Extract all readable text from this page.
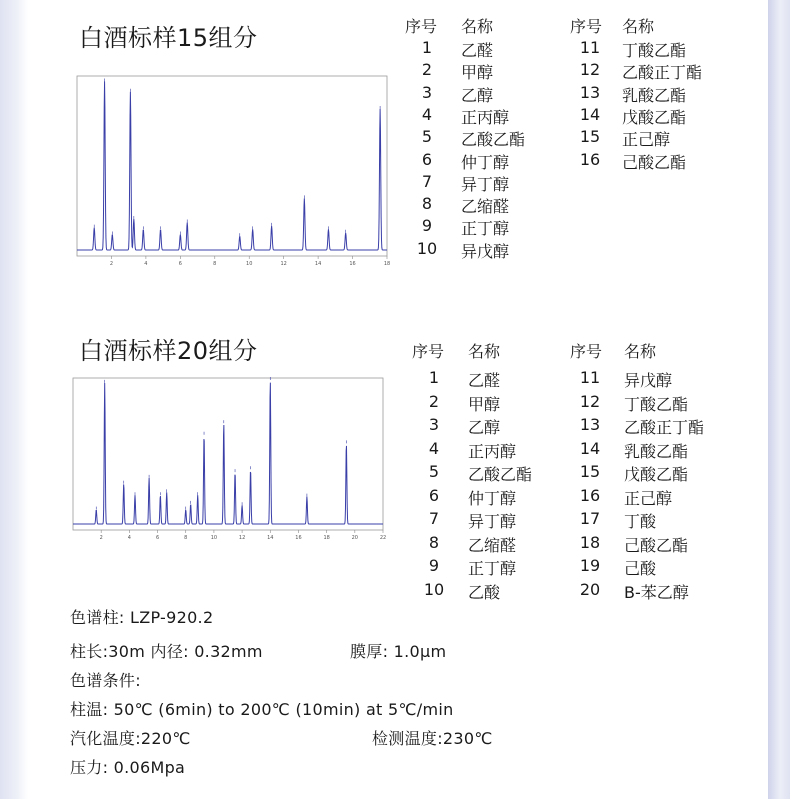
白酒标样15组分
2	4	6	8	10	12	14	16	18
序号 名称
1	乙醛
2	甲醇
3	乙醇
4	正丙醇
5	乙酸乙酯
6	仲丁醇
7	异丁醇
8	乙缩醛
9	正丁醇
10 异戊醇
序号 名称
11 丁酸乙酯
12 乙酸正丁酯
13 乳酸乙酯
14 戊酸乙酯
15 正己醇
16 己酸乙酯
白酒标样20组分
2	4	6	8	10	12	14	16	18	20	22
序号 名称
1	乙醛
2	甲醇
3	乙醇
4	正丙醇
5	乙酸乙酯
6	仲丁醇
7	异丁醇
8	乙缩醛
9	正丁醇
10 乙酸
序号 名称
11 异戊醇
12 丁酸乙酯
13 乙酸正丁酯
14 乳酸乙酯
15 戊酸乙酯
16 正己醇
17 丁酸
18 己酸乙酯
19 己酸
20 B-苯乙醇
色谱柱: LZP-920.2
柱长:30m 内径: 0.32mm	膜厚: 1.0μm
色谱条件:
柱温: 50℃ (6min) to 200℃ (10min) at 5℃/min
汽化温度:220℃	检测温度:230℃
压力: 0.06Mpa
